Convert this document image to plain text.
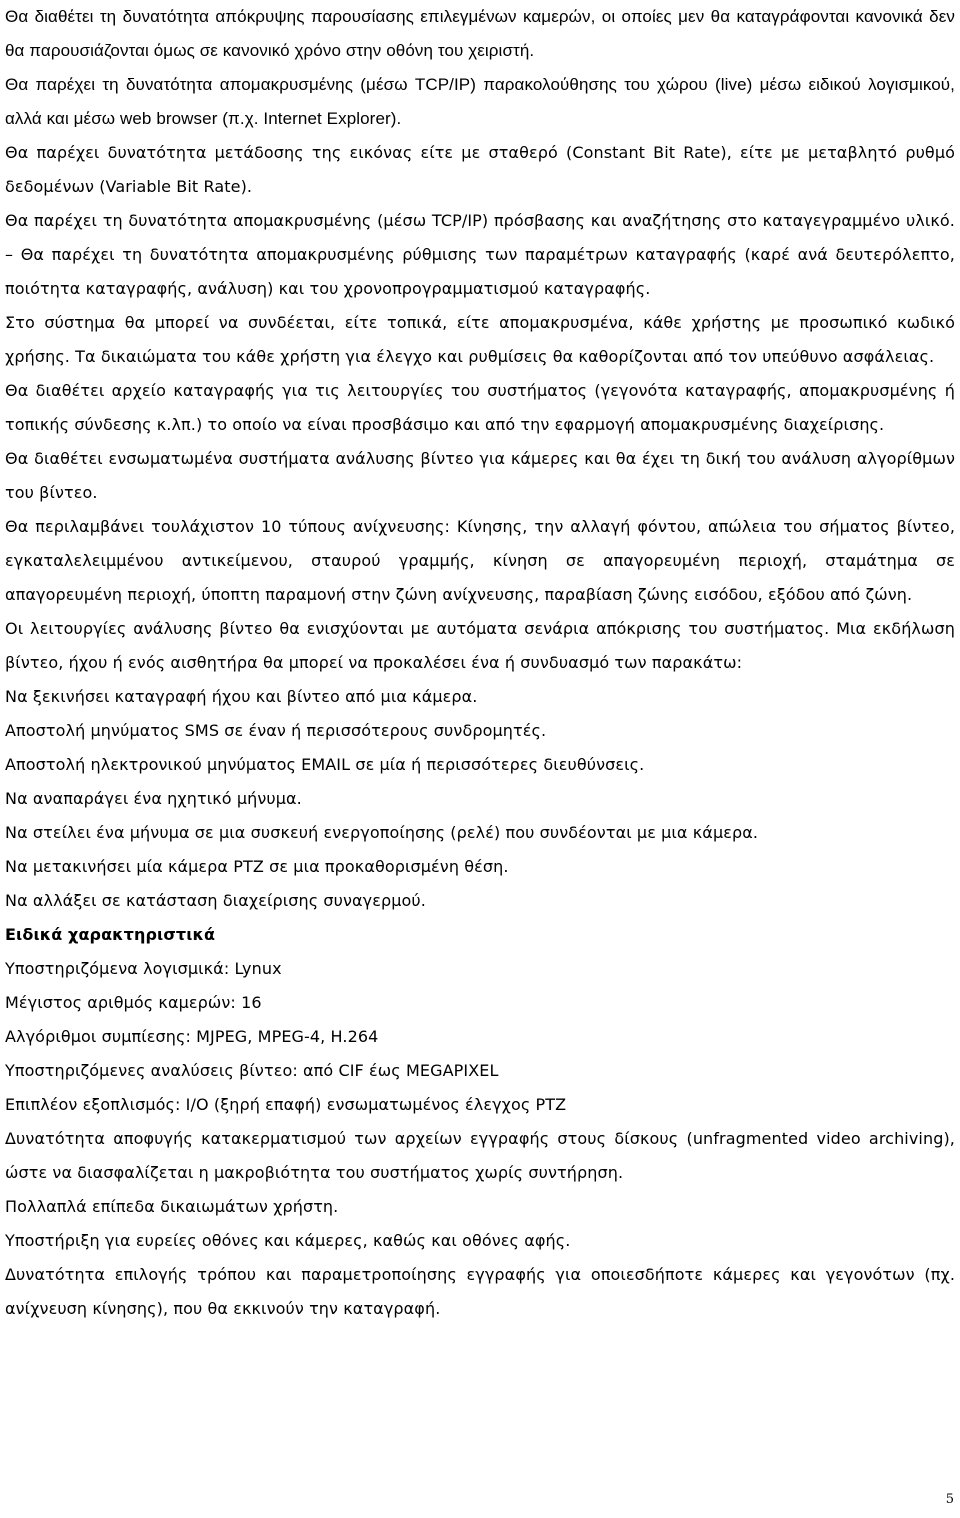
Θα διαθέτει τη δυνατότητα απόκρυψης παρουσίασης επιλεγμένων καμερών, οι οποίες μεν θα καταγράφονται κανονικά δεν θα παρουσιάζονται όμως σε κανονικό χρόνο στην οθόνη του χειριστή.

Θα παρέχει τη δυνατότητα απομακρυσμένης (μέσω TCP/IP) παρακολούθησης του χώρου (live) μέσω ειδικού λογισμικού, αλλά και μέσω web browser (π.χ. Internet Explorer).

Θα παρέχει δυνατότητα μετάδοσης της εικόνας είτε με σταθερό (Constant Bit Rate), είτε με μεταβλητό ρυθμό δεδομένων (Variable Bit Rate).

Θα παρέχει τη δυνατότητα απομακρυσμένης (μέσω TCP/IP) πρόσβασης και αναζήτησης στο καταγεγραμμένο υλικό. – Θα παρέχει τη δυνατότητα απομακρυσμένης ρύθμισης των παραμέτρων καταγραφής (καρέ ανά δευτερόλεπτο, ποιότητα καταγραφής, ανάλυση) και του χρονοπρογραμματισμού καταγραφής.

Στο σύστημα θα μπορεί να συνδέεται, είτε τοπικά, είτε απομακρυσμένα, κάθε χρήστης με προσωπικό κωδικό χρήσης. Τα δικαιώματα του κάθε χρήστη για έλεγχο και ρυθμίσεις θα καθορίζονται από τον υπεύθυνο ασφάλειας.

Θα διαθέτει αρχείο καταγραφής για τις λειτουργίες του συστήματος (γεγονότα καταγραφής, απομακρυσμένης ή τοπικής σύνδεσης κ.λπ.) το οποίο να είναι προσβάσιμο και από την εφαρμογή απομακρυσμένης διαχείρισης.

Θα διαθέτει ενσωματωμένα συστήματα ανάλυσης βίντεο για κάμερες και θα έχει τη δική του ανάλυση αλγορίθμων του βίντεο.

Θα περιλαμβάνει τουλάχιστον 10 τύπους ανίχνευσης: Κίνησης, την αλλαγή φόντου, απώλεια του σήματος βίντεο, εγκαταλελειμμένου αντικείμενου, σταυρού γραμμής, κίνηση σε απαγορευμένη περιοχή, σταμάτημα σε απαγορευμένη περιοχή, ύποπτη παραμονή στην ζώνη ανίχνευσης, παραβίαση ζώνης εισόδου, εξόδου από ζώνη.

Οι λειτουργίες ανάλυσης βίντεο θα ενισχύονται με αυτόματα σενάρια απόκρισης του συστήματος. Μια εκδήλωση βίντεο, ήχου ή ενός αισθητήρα θα μπορεί να προκαλέσει ένα ή συνδυασμό των παρακάτω:

Να ξεκινήσει καταγραφή ήχου και βίντεο από μια κάμερα.

Αποστολή μηνύματος SMS σε έναν ή περισσότερους συνδρομητές.

Αποστολή ηλεκτρονικού μηνύματος EMAIL σε μία ή περισσότερες διευθύνσεις.

Να αναπαράγει ένα ηχητικό μήνυμα.

Να στείλει ένα μήνυμα σε μια συσκευή ενεργοποίησης (ρελέ) που συνδέονται με μια κάμερα.

Να μετακινήσει μία κάμερα PTZ σε μια προκαθορισμένη θέση.

Να αλλάξει σε κατάσταση διαχείρισης συναγερμού.

Ειδικά χαρακτηριστικά

Υποστηριζόμενα λογισμικά: Lynux

Μέγιστος αριθμός καμερών: 16

Αλγόριθμοι συμπίεσης: MJPEG, MPEG-4, H.264

Υποστηριζόμενες αναλύσεις βίντεο: από CIF έως MEGAPIXEL

Επιπλέον εξοπλισμός: I/O (ξηρή επαφή) ενσωματωμένος έλεγχος PTZ

Δυνατότητα αποφυγής κατακερματισμού των αρχείων εγγραφής στους δίσκους (unfragmented video archiving), ώστε να διασφαλίζεται η μακροβιότητα του συστήματος χωρίς συντήρηση.

Πολλαπλά επίπεδα δικαιωμάτων χρήστη.

Υποστήριξη για ευρείες οθόνες και κάμερες, καθώς και οθόνες αφής.

Δυνατότητα επιλογής τρόπου και παραμετροποίησης εγγραφής για οποιεσδήποτε κάμερες και γεγονότων (πχ. ανίχνευση κίνησης), που θα εκκινούν την καταγραφή.

5
